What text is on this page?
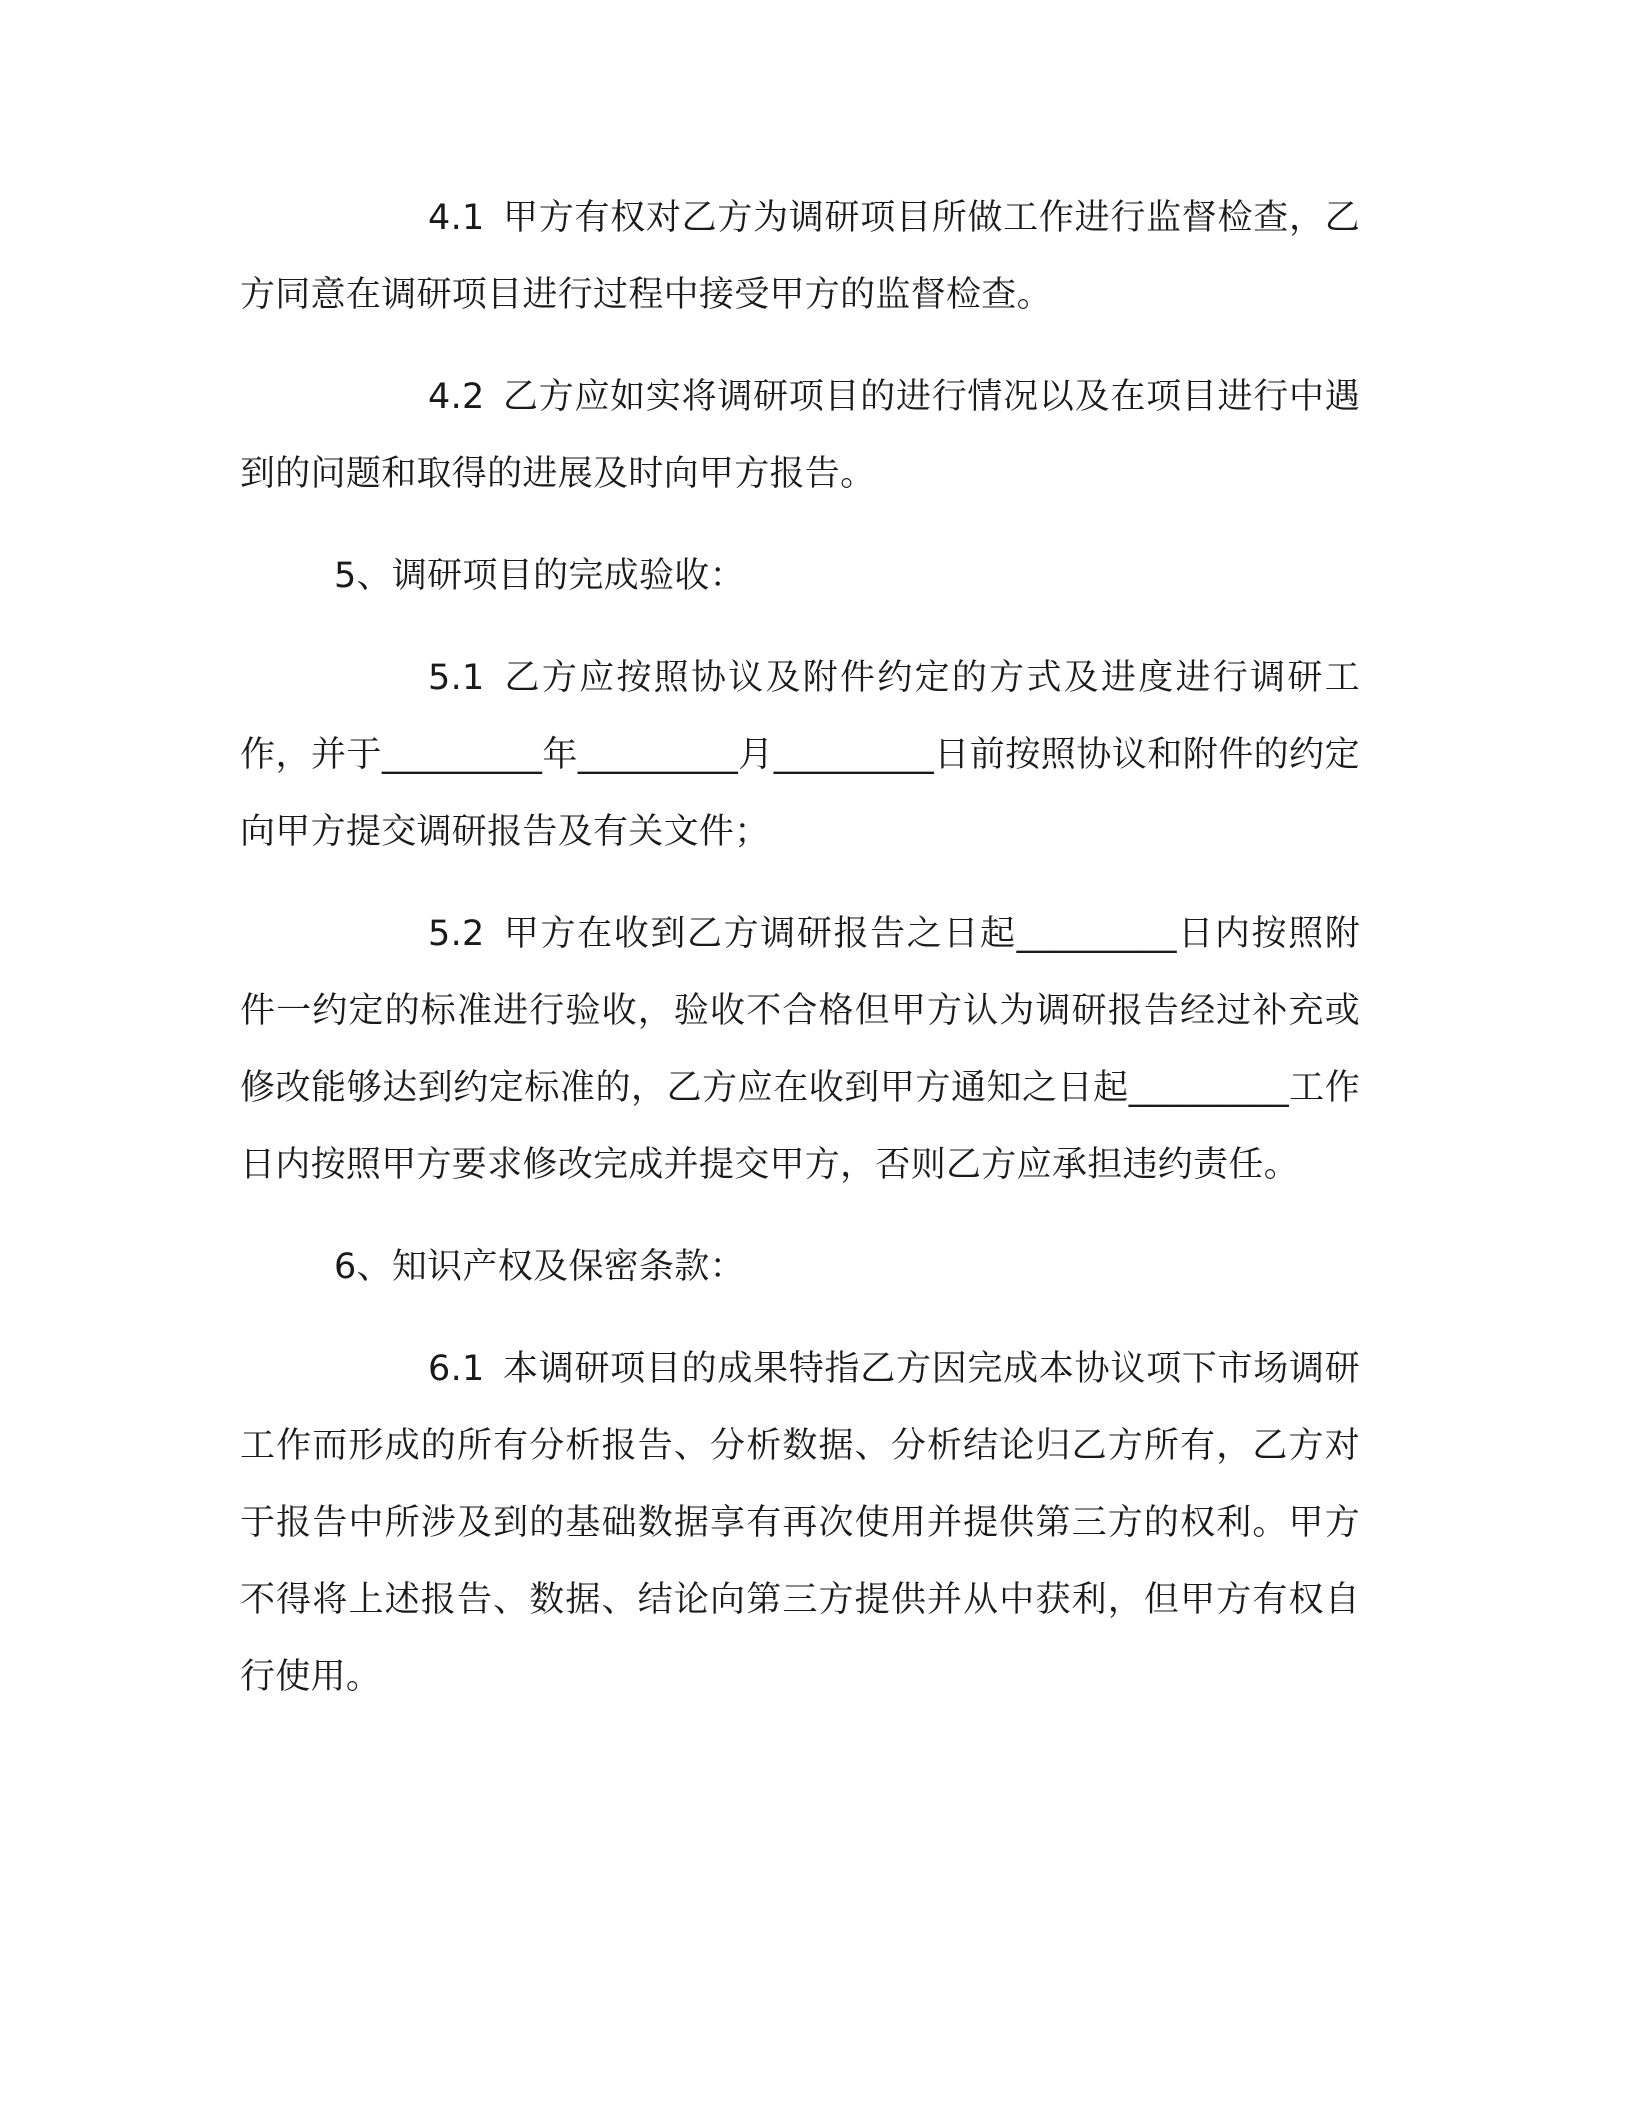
4.1 甲方有权对乙方为调研项目所做工作进行监督检查，乙方同意在调研项目进行过程中接受甲方的监督检查。

4.2 乙方应如实将调研项目的进行情况以及在项目进行中遇到的问题和取得的进展及时向甲方报告。

5、调研项目的完成验收：

5.1 乙方应按照协议及附件约定的方式及进度进行调研工作，并于_________年_________月_________日前按照协议和附件的约定向甲方提交调研报告及有关文件；

5.2 甲方在收到乙方调研报告之日起_________日内按照附件一约定的标准进行验收，验收不合格但甲方认为调研报告经过补充或修改能够达到约定标准的，乙方应在收到甲方通知之日起_________工作日内按照甲方要求修改完成并提交甲方，否则乙方应承担违约责任。

6、知识产权及保密条款：

6.1 本调研项目的成果特指乙方因完成本协议项下市场调研工作而形成的所有分析报告、分析数据、分析结论归乙方所有，乙方对于报告中所涉及到的基础数据享有再次使用并提供第三方的权利。甲方不得将上述报告、数据、结论向第三方提供并从中获利，但甲方有权自行使用。
